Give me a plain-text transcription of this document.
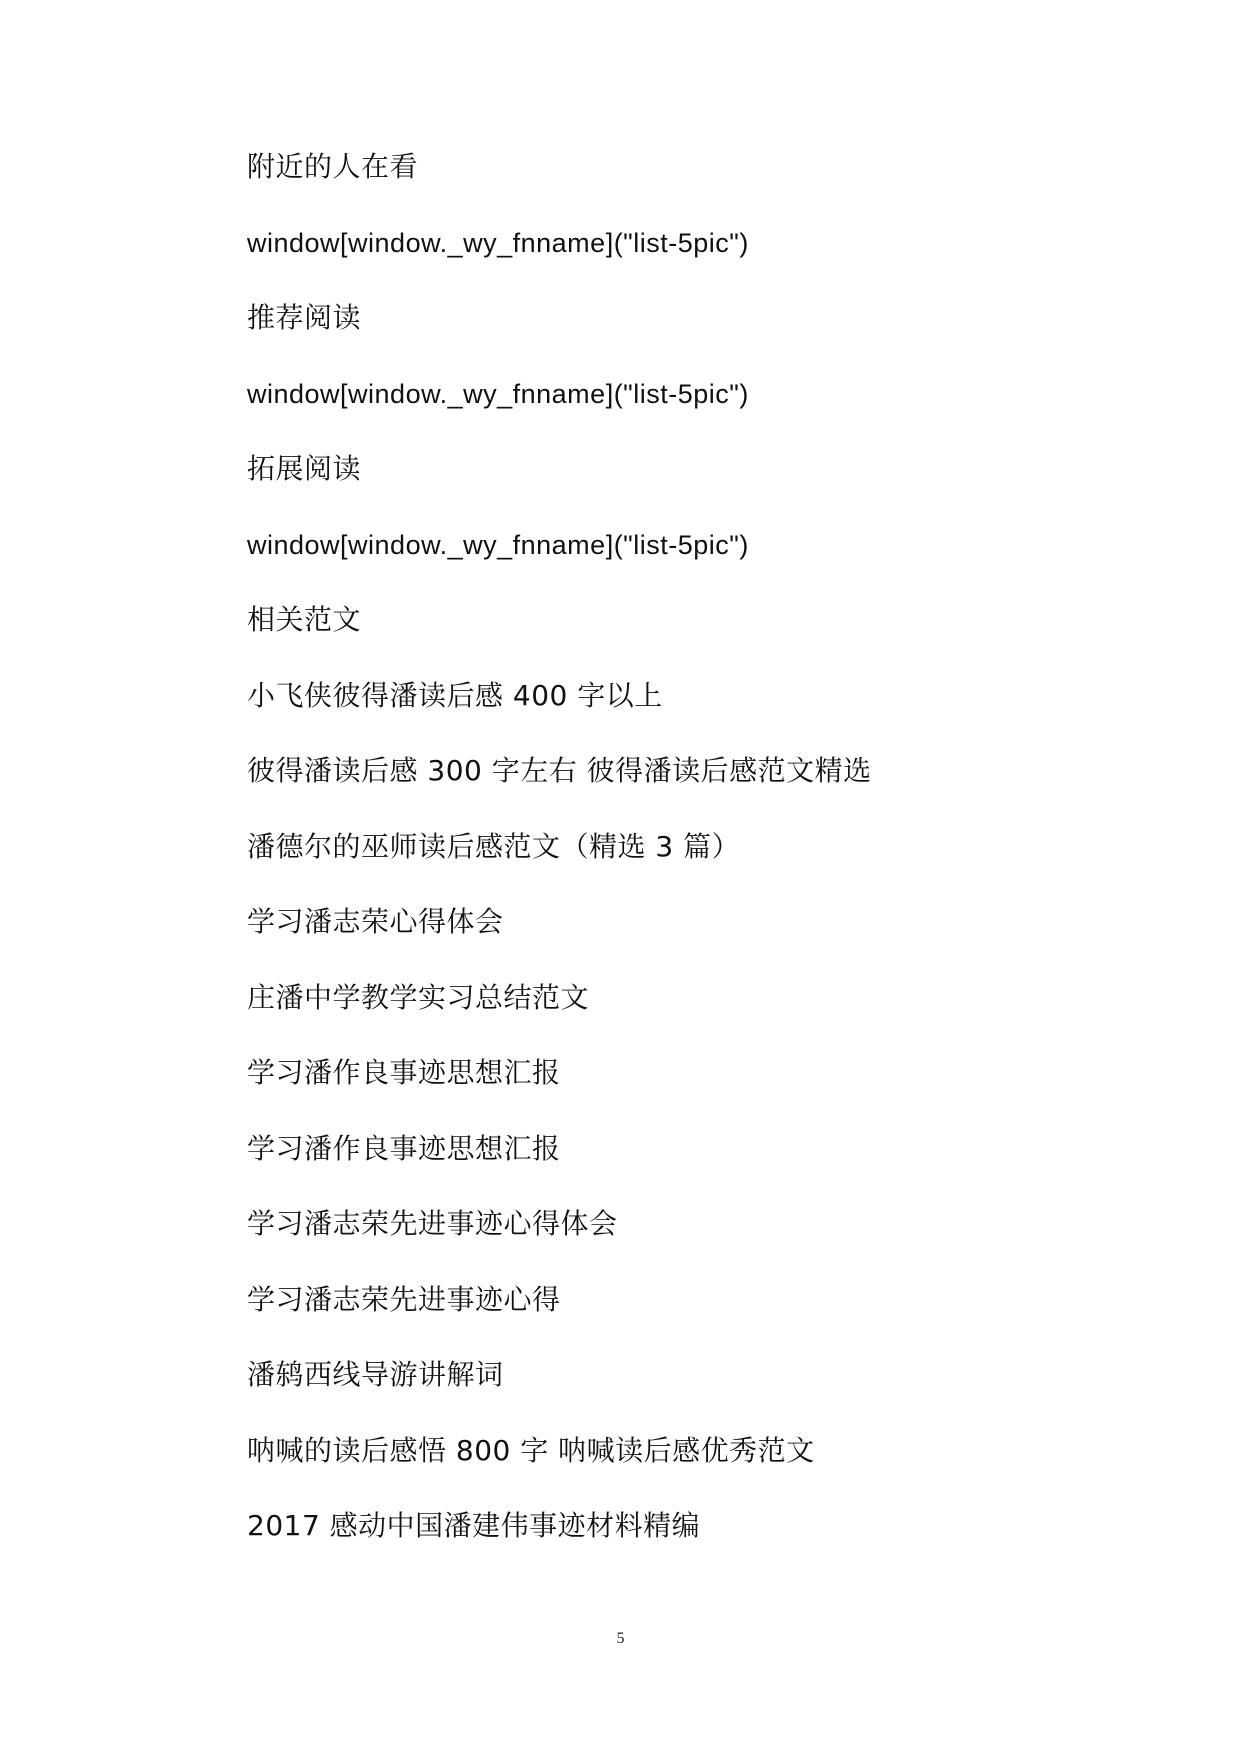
附近的人在看
window[window._wy_fnname]("list-5pic")
推荐阅读
window[window._wy_fnname]("list-5pic")
拓展阅读
window[window._wy_fnname]("list-5pic")
相关范文
小飞侠彼得潘读后感 400 字以上
彼得潘读后感 300 字左右 彼得潘读后感范文精选
潘德尔的巫师读后感范文（精选 3 篇）
学习潘志荣心得体会
庄潘中学教学实习总结范文
学习潘作良事迹思想汇报
学习潘作良事迹思想汇报
学习潘志荣先进事迹心得体会
学习潘志荣先进事迹心得
潘鸫西线导游讲解词
呐喊的读后感悟 800 字 呐喊读后感优秀范文
2017 感动中国潘建伟事迹材料精编
5
